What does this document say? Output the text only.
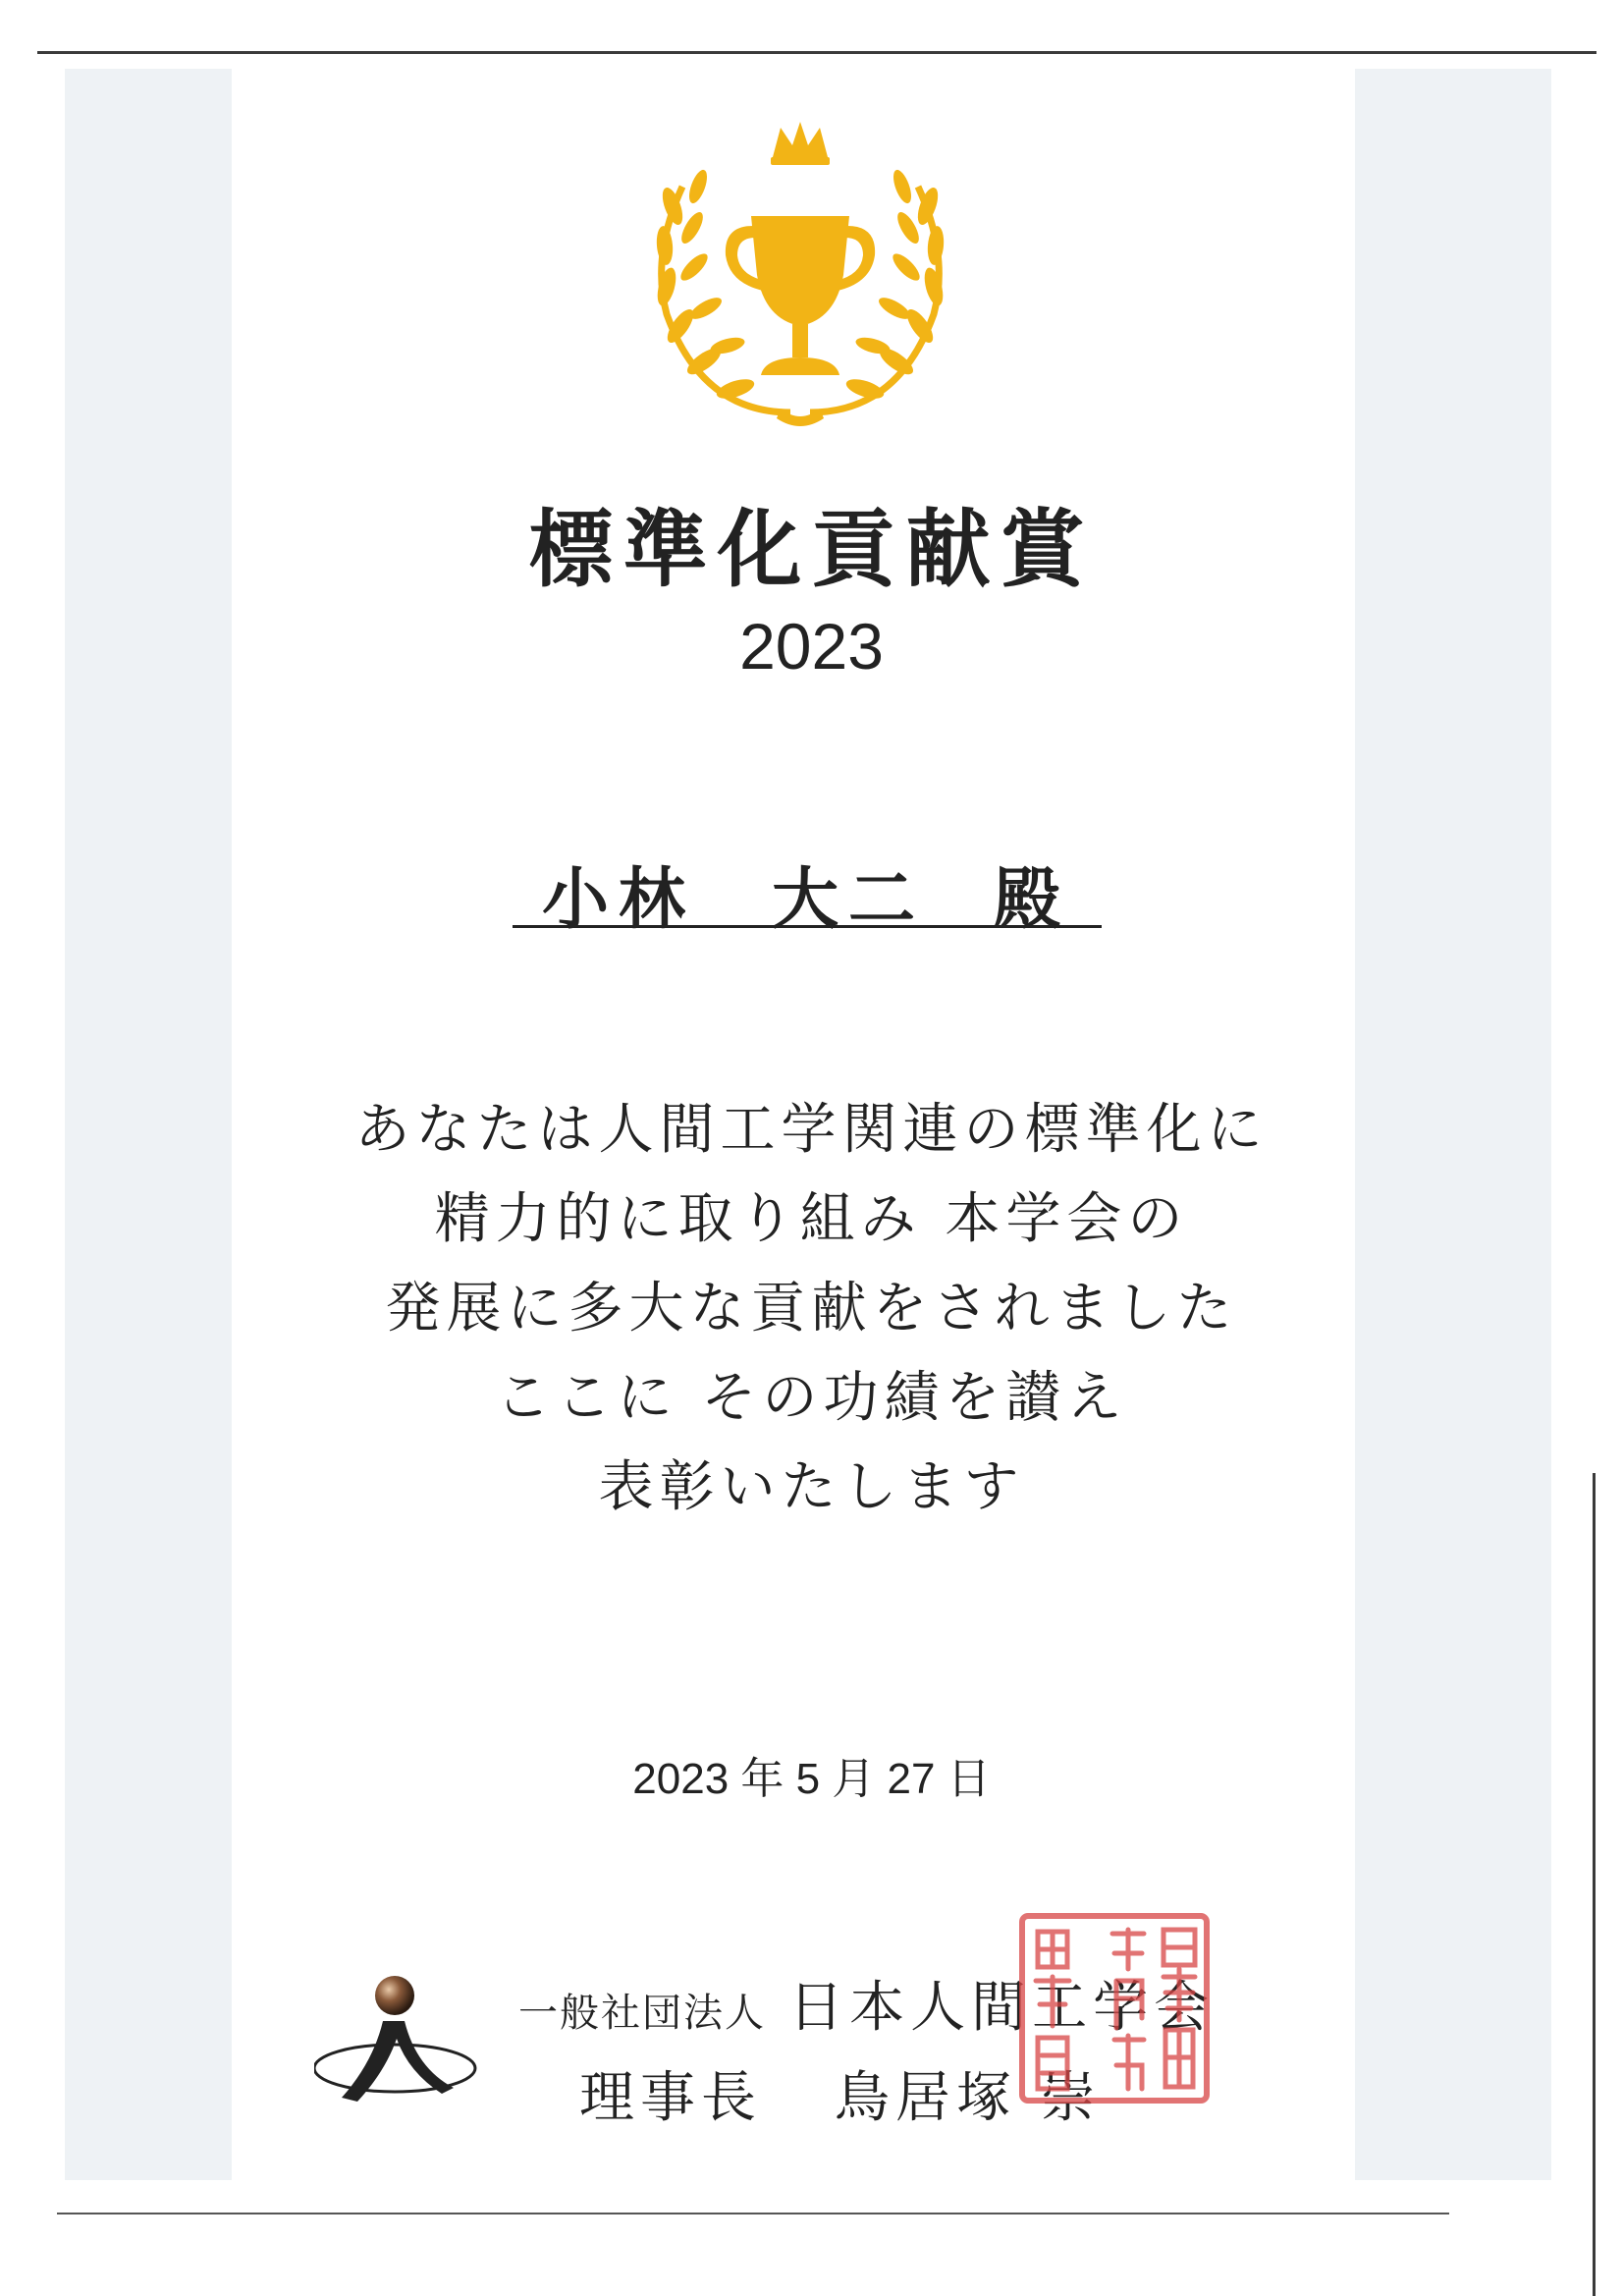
標準化貢献賞
2023
小林　大二 殿
あなたは人間工学関連の標準化に
精力的に取り組み 本学会の
発展に多大な貢献をされました
ここに その功績を讃え
表彰いたします
2023 年 5 月 27 日
一般社団法人 日本人間工学会
理事長 鳥居塚 崇
